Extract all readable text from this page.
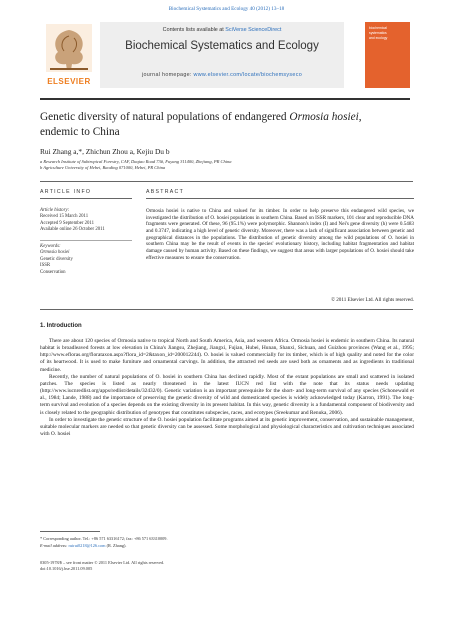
Biochemical Systematics and Ecology 40 (2012) 13–18
ELSEVIER
Contents lists available at SciVerse ScienceDirect
Biochemical Systematics and Ecology
journal homepage: www.elsevier.com/locate/biochemsyseco
biochemical
systematics
and ecology
Genetic diversity of natural populations of endangered Ormosia hosiei,
endemic to China
Rui Zhang a,*, Zhichun Zhou a, Kejiu Du b
a Research Institute of Subtropical Forestry, CAF, Daqiao Road 73#, Fuyang 311400, Zhejiang, PR China
b Agriculture University of Hebei, Baoding 071000, Hebei, PR China
ARTICLE INFO	ABSTRACT
Article history:
Received 15 March 2011
Accepted 9 September 2011
Available online 26 October 2011
Keywords:
Ormosia hosiei
Genetic diversity
ISSR
Conservation
Ormosia hosiei is native to China and valued for its timber. In order to help preserve this endangered wild species, we investigated the distribution of O. hosiei populations in southern China. Based on ISSR markers, 101 clear and reproducible DNA fragments were generated. Of these, 96 (95.1%) were polymorphic. Shannon's index (I) and Nei's gene diversity (h) were 0.5483 and 0.3747, indicating a high level of genetic diversity. Moreover, there was a lack of significant association between genetic and geographical distances in the populations. The distribution of genetic diversity among the wild populations of O. hosiei in southern China may be the result of events in the species' evolutionary history, including habitat fragmentation and habitat damage caused by human activity. Based on these findings, we suggest that areas with larger populations of O. hosiei should take effective measures to ensure the conservation.
© 2011 Elsevier Ltd. All rights reserved.
1. Introduction

There are about 120 species of Ormosia native to tropical North and South America, Asia, and western Africa. Ormosia hosiei is endemic in southern China. Its natural habitat is broadleaved forests at low elevation in China's Jiangsu, Zhejiang, Jiangxi, Fujian, Hubei, Hunan, Shanxi, Sichuan, and Guizhou provinces (Wang et al., 1995; http://www.efloras.org/florataxon.aspx?flora_id=2&taxon_id=200012244). O. hosiei is valued commercially for its timber, which is of high quality and noted for the color of its heartwood. It is used to make furniture and ornamental carvings. In addition, the attracted red seeds are used both as ornaments and as ingredients in traditional medicine.

Recently, the number of natural populations of O. hosiei in southern China has declined rapidly. Most of the extant populations are small and scattered in isolated patches. The species is listed as nearly threatened in the latest IUCN red list with the note that its status needs updating (http://www.iucnredlist.org/apps/redlist/details/32432/0). Genetic variation is an important prerequisite for the short- and long-term survival of any species (Schonewald et al., 1984; Lande, 1988) and the importance of preserving the genetic diversity of wild and domesticated species is widely acknowledged today (Karron, 1991). The long-term survival and evolution of a species depends on the existing diversity in its present habitat. In this way, genetic diversity is a fundamental component of biodiversity and is closely related to the geographic distribution of genotypes that constitutes subspecies, races, and ecotypes (Sreekumar and Renuka, 2006).

In order to investigate the genetic structure of the O. hosiei population facilitate programs aimed at its genetic improvement, conservation, and sustainable management, suitable molecular markers are needed so that genetic diversity can be assessed. Some morphological and physiological characteristics and cultivation techniques associated with O. hosiei

* Corresponding author. Tel.: +86 571 63316172; fax: +86 571 63310009.
E-mail address: ruirui0218@126.com (R. Zhang).
0305-1978/$ – see front matter © 2011 Elsevier Ltd. All rights reserved.
doi:10.1016/j.bse.2011.09.005
